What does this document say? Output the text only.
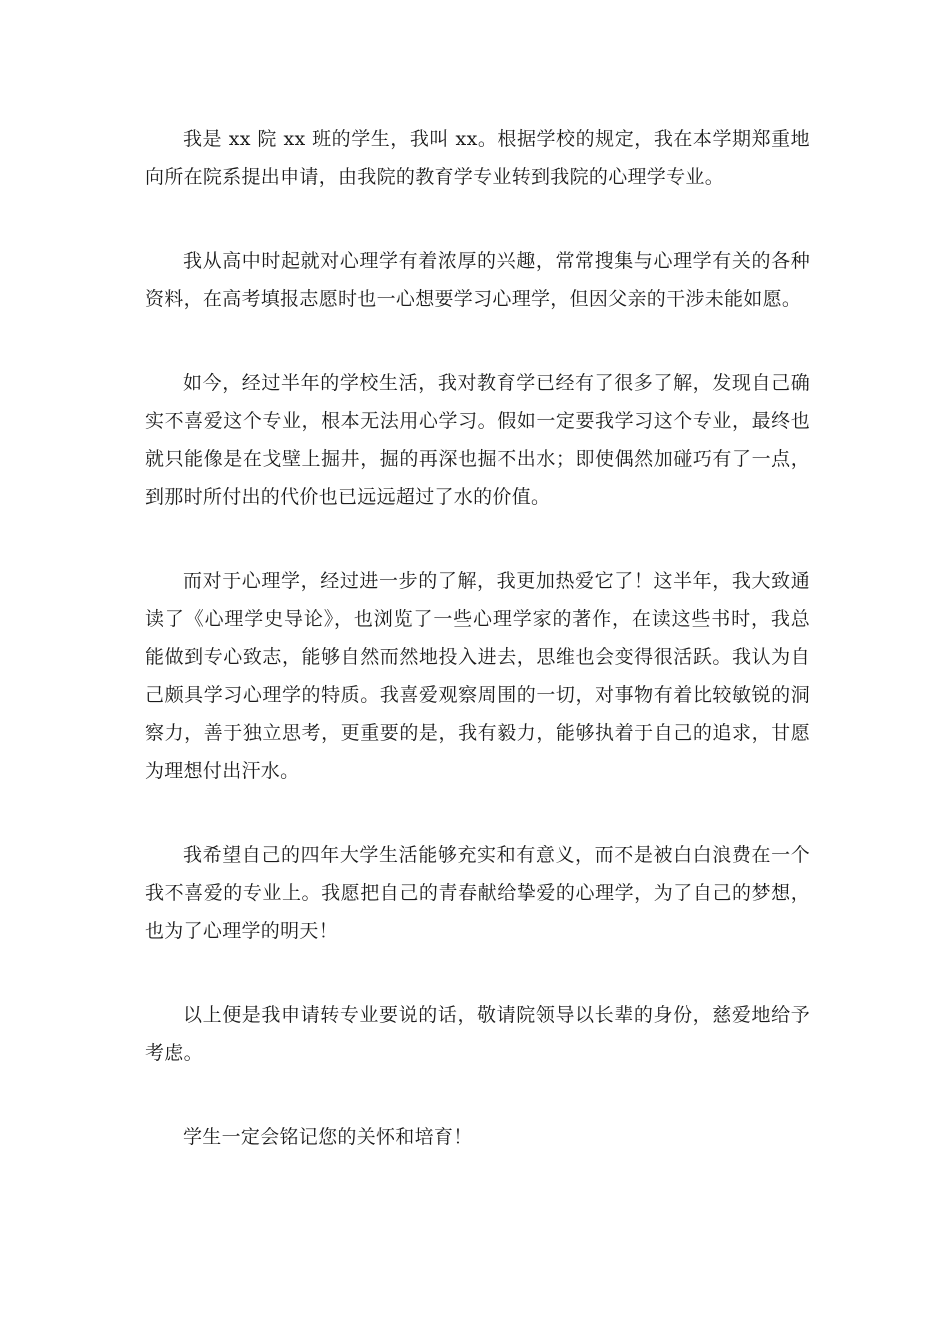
我是 xx 院 xx 班的学生，我叫 xx。根据学校的规定，我在本学期郑重地向所在院系提出申请，由我院的教育学专业转到我院的心理学专业。

我从高中时起就对心理学有着浓厚的兴趣，常常搜集与心理学有关的各种资料，在高考填报志愿时也一心想要学习心理学，但因父亲的干涉未能如愿。

如今，经过半年的学校生活，我对教育学已经有了很多了解，发现自己确实不喜爱这个专业，根本无法用心学习。假如一定要我学习这个专业，最终也就只能像是在戈壁上掘井，掘的再深也掘不出水；即使偶然加碰巧有了一点，到那时所付出的代价也已远远超过了水的价值。

而对于心理学，经过进一步的了解，我更加热爱它了！这半年，我大致通读了《心理学史导论》，也浏览了一些心理学家的著作，在读这些书时，我总能做到专心致志，能够自然而然地投入进去，思维也会变得很活跃。我认为自己颇具学习心理学的特质。我喜爱观察周围的一切，对事物有着比较敏锐的洞察力，善于独立思考，更重要的是，我有毅力，能够执着于自己的追求，甘愿为理想付出汗水。

我希望自己的四年大学生活能够充实和有意义，而不是被白白浪费在一个我不喜爱的专业上。我愿把自己的青春献给挚爱的心理学，为了自己的梦想，也为了心理学的明天！

以上便是我申请转专业要说的话，敬请院领导以长辈的身份，慈爱地给予考虑。

学生一定会铭记您的关怀和培育！
